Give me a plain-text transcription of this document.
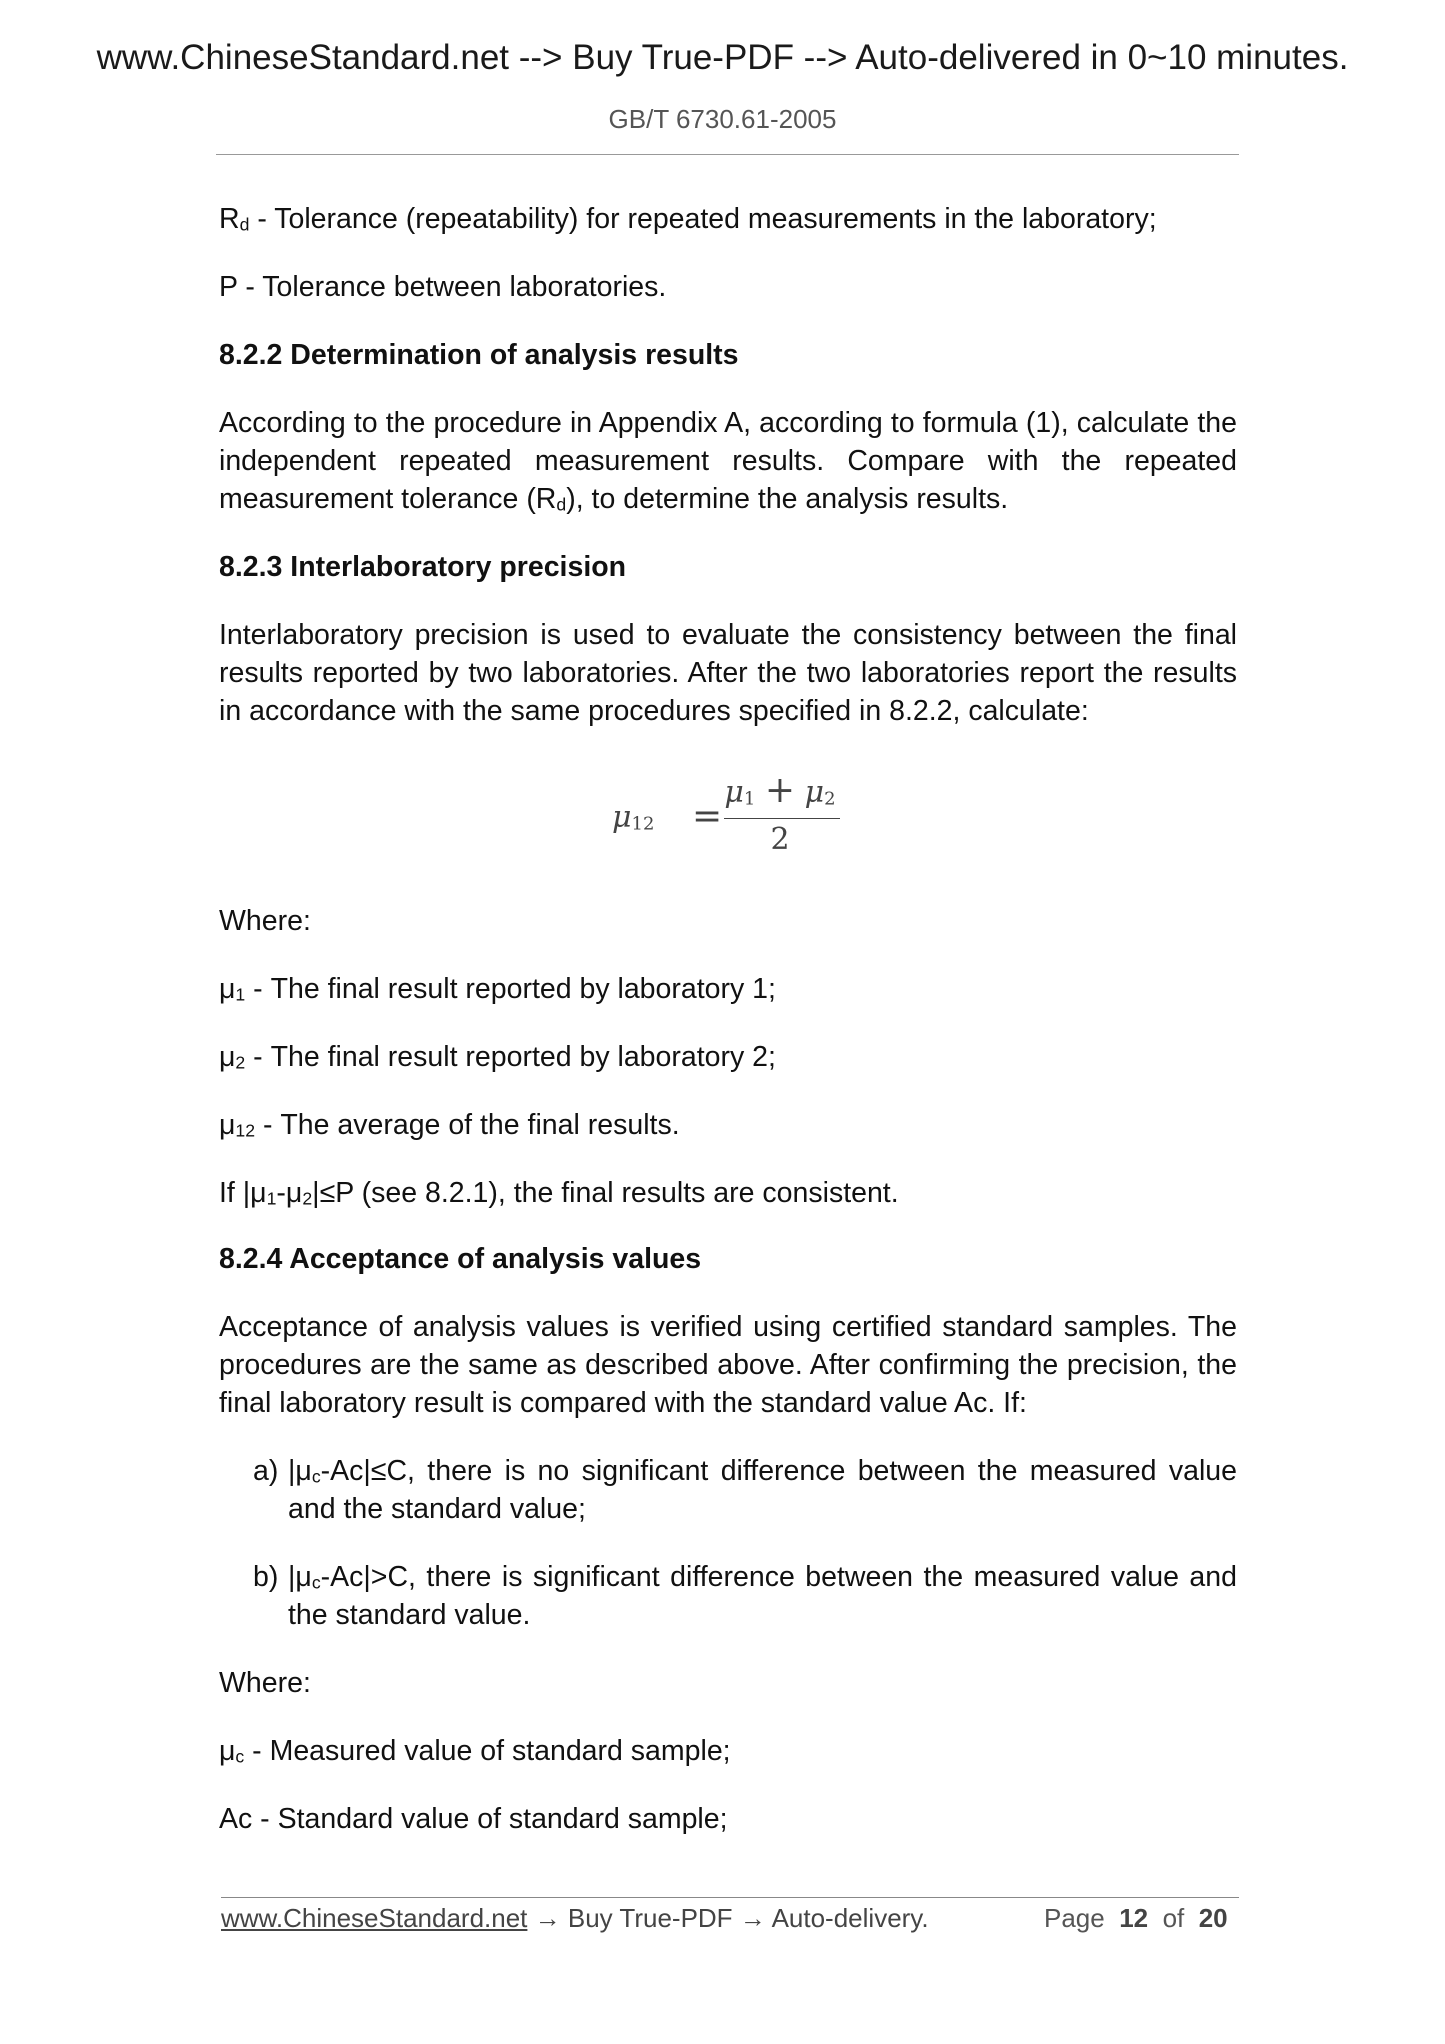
www.ChineseStandard.net --> Buy True-PDF --> Auto-delivered in 0~10 minutes.
GB/T 6730.61-2005
$R_d$ - Tolerance (repeatability) for repeated measurements in the laboratory;
P - Tolerance between laboratories.
8.2.2 Determination of analysis results
According to the procedure in Appendix A, according to formula (1), calculate the independent repeated measurement results. Compare with the repeated measurement tolerance $(R_d)$, to determine the analysis results.
8.2.3 Interlaboratory precision
Interlaboratory precision is used to evaluate the consistency between the final results reported by two laboratories. After the two laboratories report the results in accordance with the same procedures specified in 8.2.2, calculate:
Where:
$\mu_1$ - The final result reported by laboratory 1;
$\mu_2$ - The final result reported by laboratory 2;
$\mu_{12}$ - The average of the final results.
If $|\mu_1-\mu_2|\le P$ (see 8.2.1), the final results are consistent.
8.2.4 Acceptance of analysis values
Acceptance of analysis values is verified using certified standard samples. The procedures are the same as described above. After confirming the precision, the final laboratory result is compared with the standard value Ac. If:
a) $|\mu_c-Ac|\le C$, there is no significant difference between the measured value and the standard value;
b) $|\mu_c-Ac|>C$, there is significant difference between the measured value and the standard value.
Where:
$\mu_c$ - Measured value of standard sample;
Ac - Standard value of standard sample;
$\mu_{12}$ =
$\mu_1 + \mu_2$
2
www.ChineseStandard.net → Buy True-PDF → Auto-delivery.	Page 12 of 20
